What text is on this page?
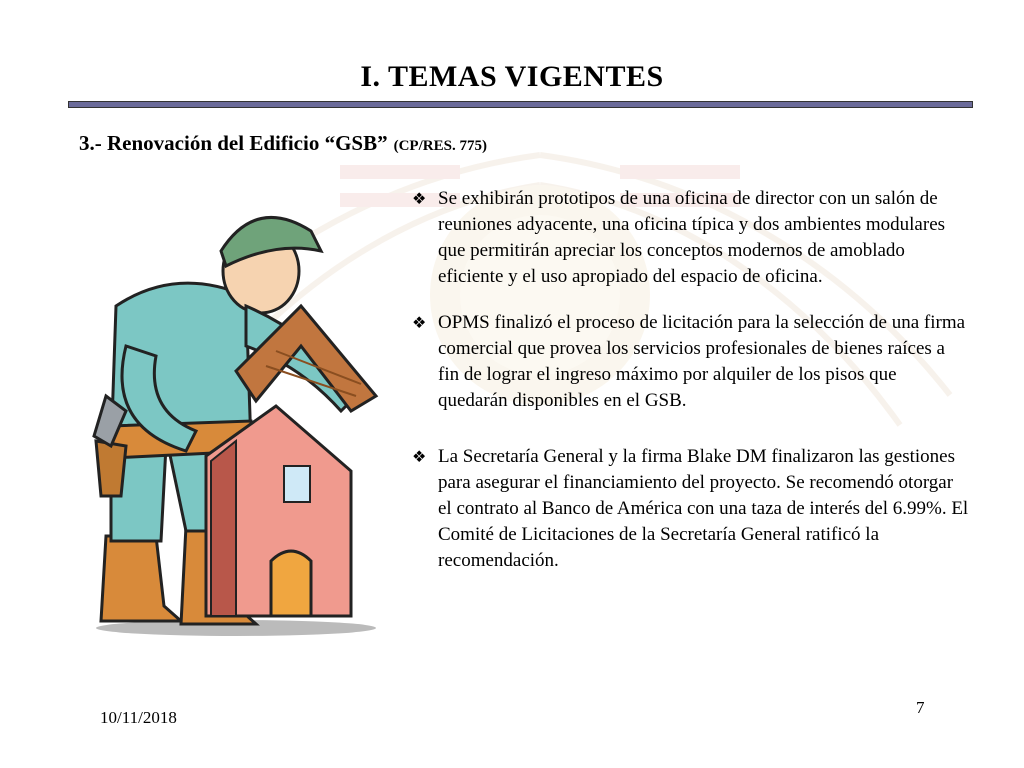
I. TEMAS VIGENTES
3.- Renovación del Edificio “GSB” (CP/RES. 775)
❖ Se exhibirán prototipos de una oficina de director con un salón de reuniones adyacente, una oficina típica y dos ambientes modulares que permitirán apreciar los conceptos modernos de amoblado eficiente y el uso apropiado del espacio de oficina.
❖ OPMS finalizó el proceso de licitación para la selección de una firma comercial que provea los servicios profesionales de bienes raíces a fin de lograr el ingreso máximo por alquiler de los pisos que quedarán disponibles en el GSB.
❖ La Secretaría General y la firma Blake DM finalizaron las gestiones para asegurar el financiamiento del proyecto. Se recomendó otorgar el contrato al Banco de América con una taza de interés del 6.99%. El Comité de Licitaciones de la Secretaría General ratificó la recomendación.
10/11/2018
7
